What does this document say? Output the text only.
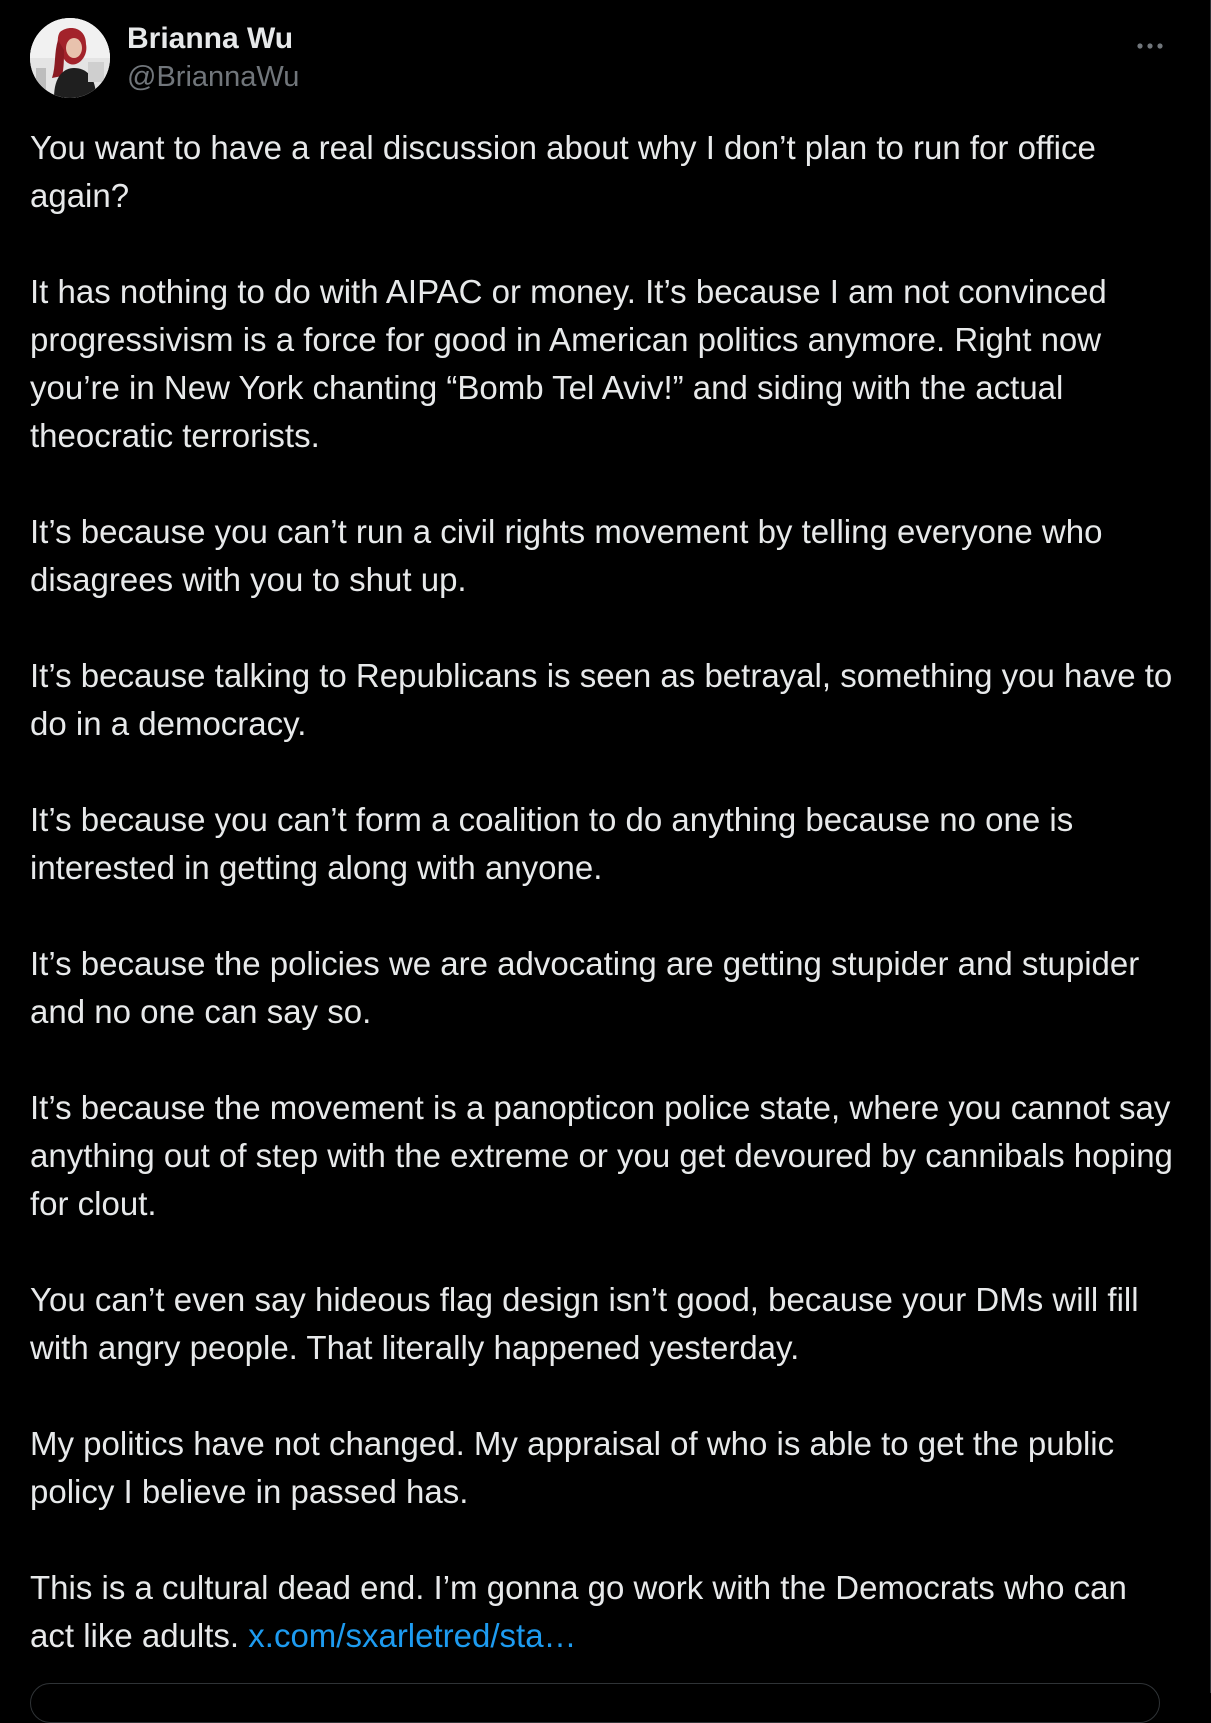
Brianna Wu
@BriannaWu

You want to have a real discussion about why I don’t plan to run for office again?

It has nothing to do with AIPAC or money. It’s because I am not convinced progressivism is a force for good in American politics anymore. Right now you’re in New York chanting “Bomb Tel Aviv!” and siding with the actual theocratic terrorists.

It’s because you can’t run a civil rights movement by telling everyone who disagrees with you to shut up.

It’s because talking to Republicans is seen as betrayal, something you have to do in a democracy.

It’s because you can’t form a coalition to do anything because no one is interested in getting along with anyone.

It’s because the policies we are advocating are getting stupider and stupider and no one can say so.

It’s because the movement is a panopticon police state, where you cannot say anything out of step with the extreme or you get devoured by cannibals hoping for clout.

You can’t even say hideous flag design isn’t good, because your DMs will fill with angry people. That literally happened yesterday.

My politics have not changed. My appraisal of who is able to get the public policy I believe in passed has.

This is a cultural dead end. I’m gonna go work with the Democrats who can act like adults. x.com/sxarletred/sta…
